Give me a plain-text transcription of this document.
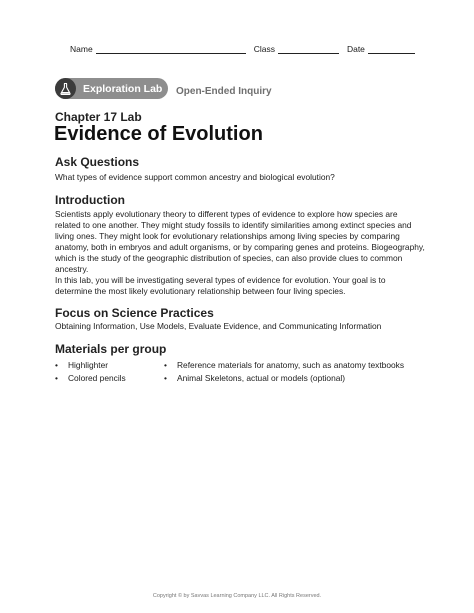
Name	Class	Date
Exploration Lab Open-Ended Inquiry
Chapter 17 Lab
Evidence of Evolution
Ask Questions
What types of evidence support common ancestry and biological evolution?
Introduction
Scientists apply evolutionary theory to different types of evidence to explore how species are related to one another. They might study fossils to identify similarities among extinct species and living ones. They might look for evolutionary relationships among living species by comparing anatomy, both in embryos and adult organisms, or by comparing genes and proteins. Biogeography, which is the study of the geographic distribution of species, can also provide clues to common ancestry.
In this lab, you will be investigating several types of evidence for evolution. Your goal is to determine the most likely evolutionary relationship between four living species.
Focus on Science Practices
Obtaining Information, Use Models, Evaluate Evidence, and Communicating Information
Materials per group
•	Highlighter
•	Colored pencils
•	Reference materials for anatomy, such as anatomy textbooks
•	Animal Skeletons, actual or models (optional)
Copyright © by Savvas Learning Company LLC. All Rights Reserved.
